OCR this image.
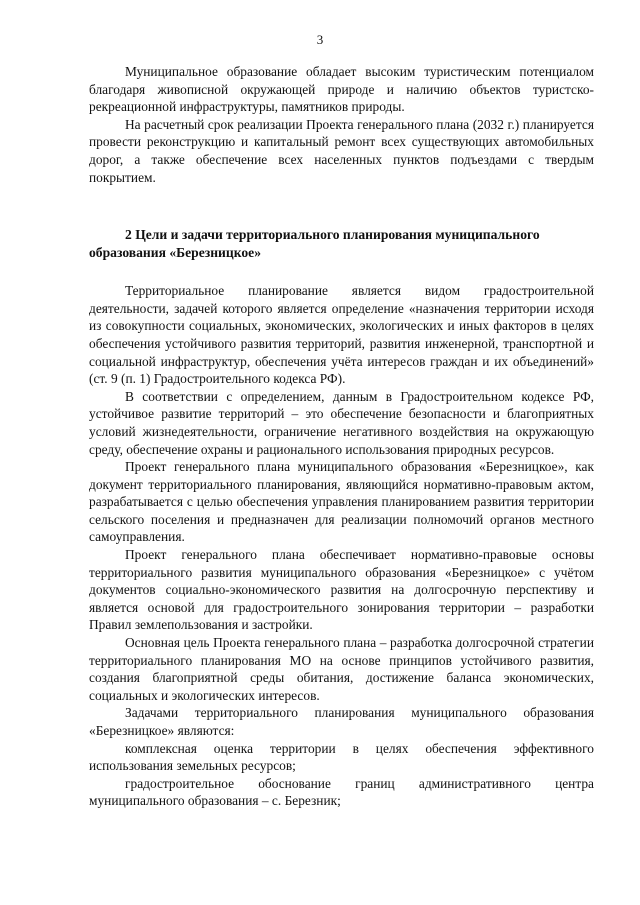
3

Муниципальное образование обладает высоким туристическим потенциалом благодаря живописной окружающей природе и наличию объектов туристско-рекреационной инфраструктуры, памятников природы.

На расчетный срок реализации Проекта генерального плана (2032 г.) планируется провести реконструкцию и капитальный ремонт всех существующих автомобильных дорог, а также обеспечение всех населенных пунктов подъездами с твердым покрытием.

2 Цели и задачи территориального планирования муниципального образования «Березницкое»

Территориальное планирование является видом градостроительной деятельности, задачей которого является определение «назначения территории исходя из совокупности социальных, экономических, экологических и иных факторов в целях обеспечения устойчивого развития территорий, развития инженерной, транспортной и социальной инфраструктур, обеспечения учёта интересов граждан и их объединений» (ст. 9 (п. 1) Градостроительного кодекса РФ).

В соответствии с определением, данным в Градостроительном кодексе РФ, устойчивое развитие территорий – это обеспечение безопасности и благоприятных условий жизнедеятельности, ограничение негативного воздействия на окружающую среду, обеспечение охраны и рационального использования природных ресурсов.

Проект генерального плана муниципального образования «Березницкое», как документ территориального планирования, являющийся нормативно-правовым актом, разрабатывается с целью обеспечения управления планированием развития территории сельского поселения и предназначен для реализации полномочий органов местного самоуправления.

Проект генерального плана обеспечивает нормативно-правовые основы территориального развития муниципального образования «Березницкое» с учётом документов социально-экономического развития на долгосрочную перспективу и является основой для градостроительного зонирования территории – разработки Правил землепользования и застройки.

Основная цель Проекта генерального плана – разработка долгосрочной стратегии территориального планирования МО на основе принципов устойчивого развития, создания благоприятной среды обитания, достижение баланса экономических, социальных и экологических интересов.

Задачами территориального планирования муниципального образования «Березницкое» являются:

комплексная оценка территории в целях обеспечения эффективного использования земельных ресурсов;

градостроительное обоснование границ административного центра муниципального образования – с. Березник;
